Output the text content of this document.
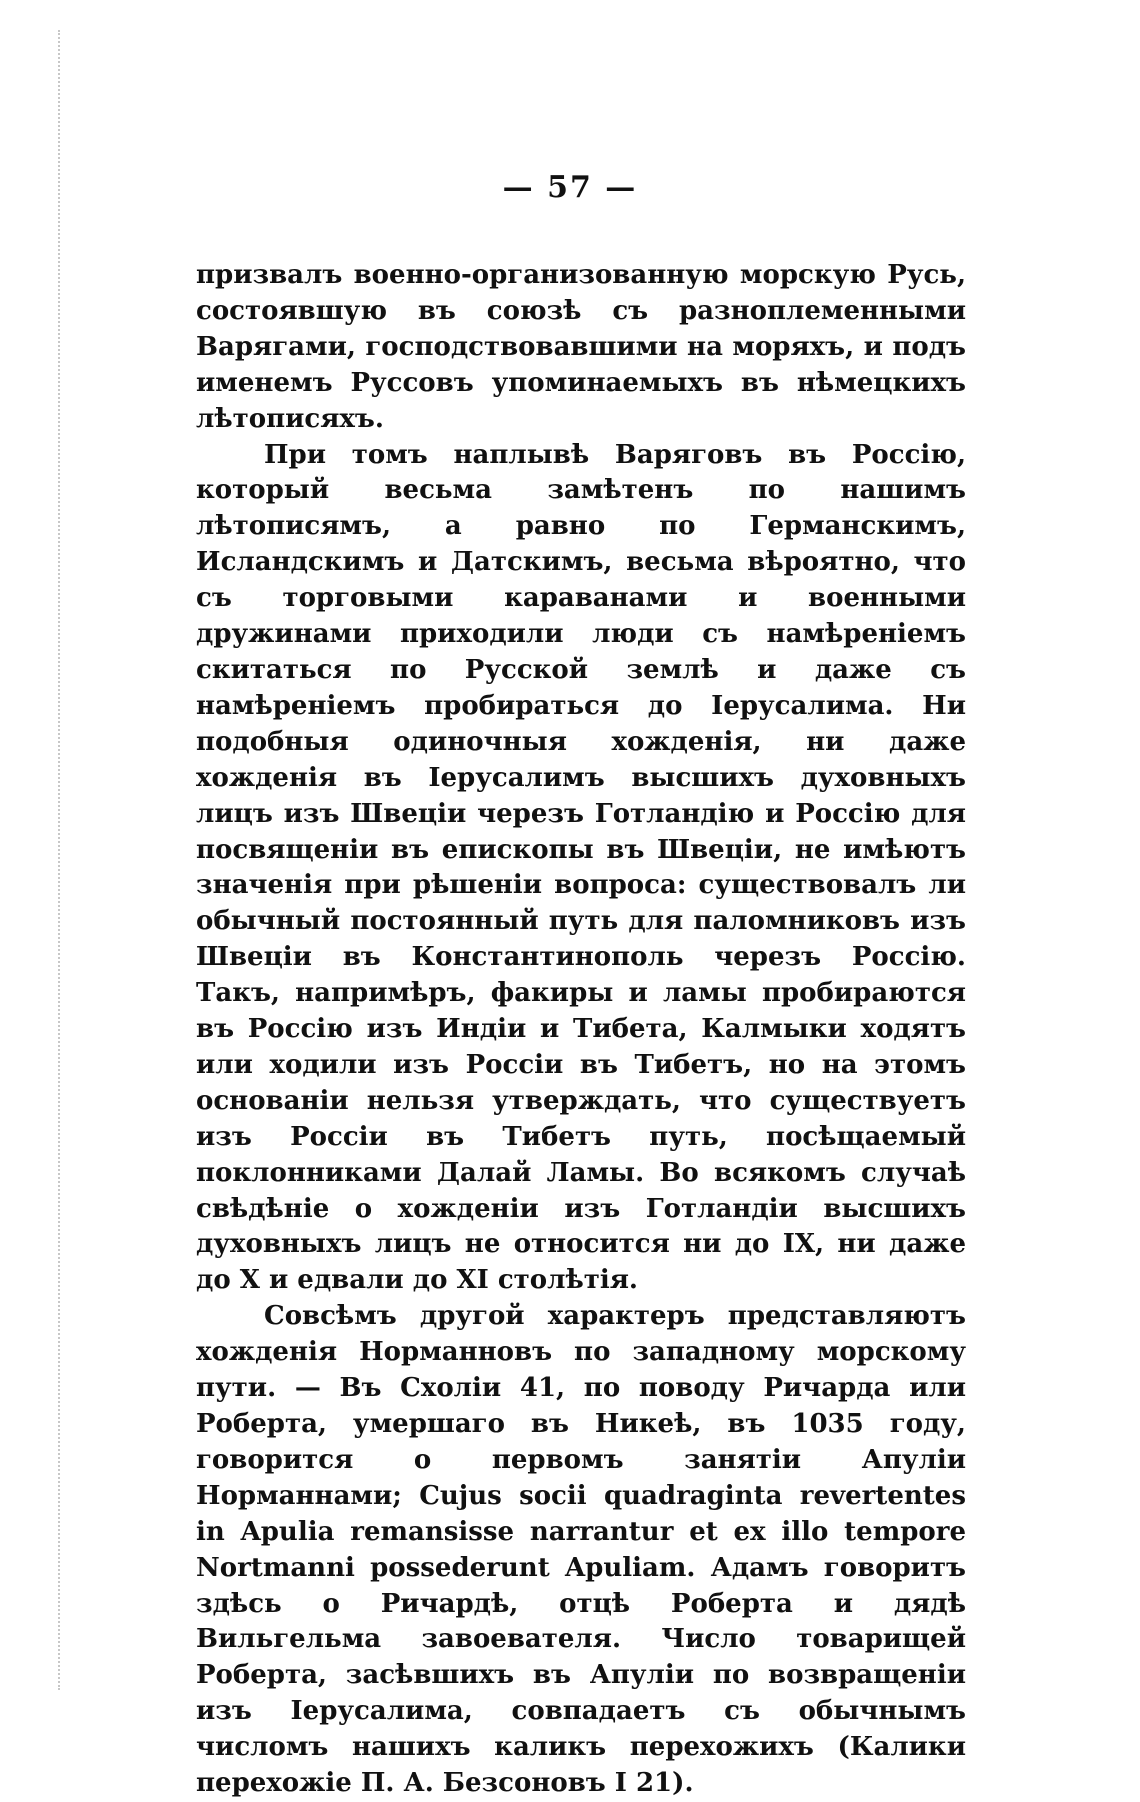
— 57 —

призвалъ военно-организованную морскую Русь, состоявшую въ союзѣ съ разноплеменными Варягами, господствовавшими на моряхъ, и подъ именемъ Руссовъ упоминаемыхъ въ нѣмецкихъ лѣтописяхъ.

При томъ наплывѣ Варяговъ въ Россію, который весьма замѣтенъ по нашимъ лѣтописямъ, а равно по Германскимъ, Исландскимъ и Датскимъ, весьма вѣроятно, что съ торговыми караванами и военными дружинами приходили люди съ намѣреніемъ скитаться по Русской землѣ и даже съ намѣреніемъ пробираться до Іерусалима. Ни подобныя одиночныя хожденія, ни даже хожденія въ Іерусалимъ высшихъ духовныхъ лицъ изъ Швеціи черезъ Готландію и Россію для посвященіи въ епископы въ Швеціи, не имѣютъ значенія при рѣшеніи вопроса: существовалъ ли обычный постоянный путь для паломниковъ изъ Швеціи въ Константинополь черезъ Россію. Такъ, напримѣръ, факиры и ламы пробираются въ Россію изъ Индіи и Тибета, Калмыки ходятъ или ходили изъ Россіи въ Тибетъ, но на этомъ основаніи нельзя утверждать, что существуетъ изъ Россіи въ Тибетъ путь, посѣщаемый поклонниками Далай Ламы. Во всякомъ случаѣ свѣдѣніе о хожденіи изъ Готландіи высшихъ духовныхъ лицъ не относится ни до IX, ни даже до X и едвали до XI столѣтія.

Совсѣмъ другой характеръ представляютъ хожденія Норманновъ по западному морскому пути. — Въ Схоліи 41, по поводу Ричарда или Роберта, умершаго въ Никеѣ, въ 1035 году, говорится о первомъ занятіи Апуліи Норманнами; Cujus socii quadraginta revertentes in Apulia remansisse narrantur et ex illo tempore Nortmanni possederunt Apuliam. Адамъ говоритъ здѣсь о Ричардѣ, отцѣ Роберта и дядѣ Вильгельма завоевателя. Число товарищей Роберта, засѣвшихъ въ Апуліи по возвращеніи изъ Іерусалима, совпадаетъ съ обычнымъ числомъ нашихъ каликъ перехожихъ (Калики перехожіе П. А. Безсоновъ I 21).
